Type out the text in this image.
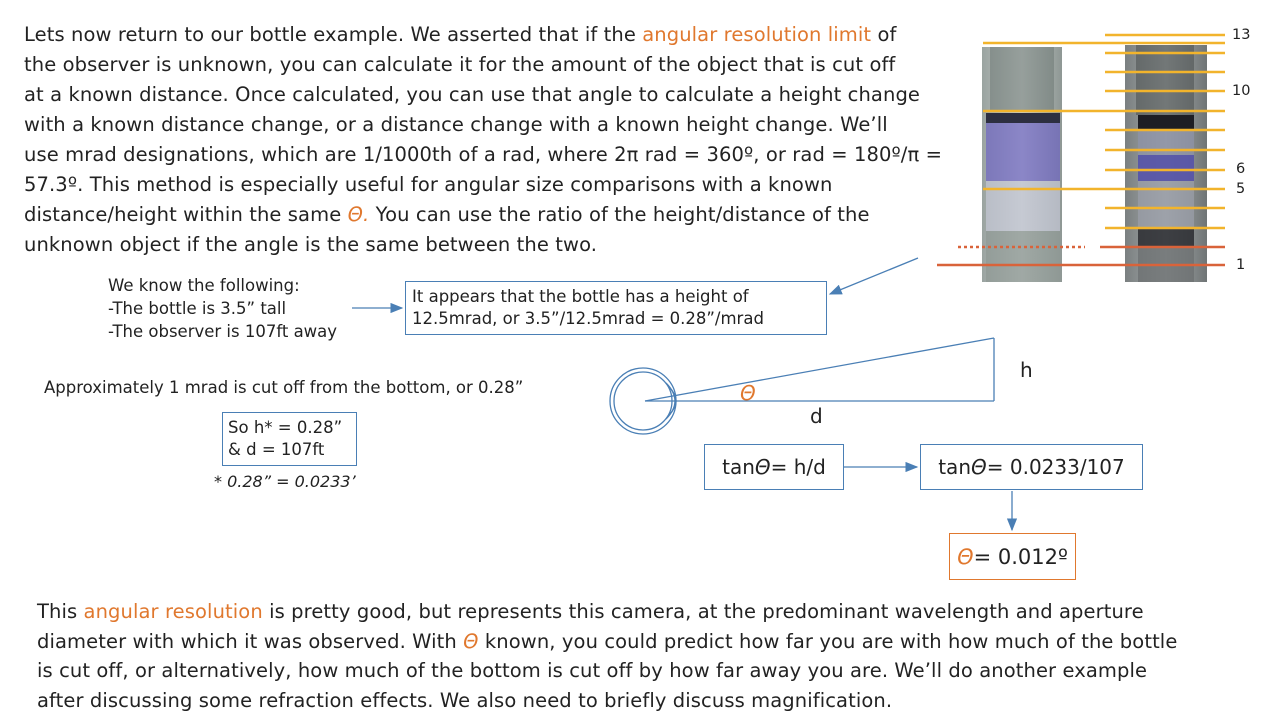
Lets now return to our bottle example. We asserted that if the angular resolution limit of
the observer is unknown, you can calculate it for the amount of the object that is cut off
at a known distance. Once calculated, you can use that angle to calculate a height change
with a known distance change, or a distance change with a known height change. We’ll
use mrad designations, which are 1/1000th of a rad, where 2π rad = 360º, or rad = 180º/π =
57.3º. This method is especially useful for angular size comparisons with a known
distance/height within the same Θ. You can use the ratio of the height/distance of the
unknown object if the angle is the same between the two.
13
10
6
5
1
We know the following:
-The bottle is 3.5” tall
-The observer is 107ft away
It appears that the bottle has a height of
12.5mrad, or 3.5”/12.5mrad = 0.28”/mrad
Approximately 1 mrad is cut off from the bottom, or 0.28”
So h* = 0.28”
& d = 107ft
* 0.28” = 0.0233’
h
d
Θ
tan Θ = h/d	tan Θ = 0.0233/107
Θ = 0.012º
This angular resolution is pretty good, but represents this camera, at the predominant wavelength and aperture
diameter with which it was observed. With Θ known, you could predict how far you are with how much of the bottle
is cut off, or alternatively, how much of the bottom is cut off by how far away you are. We’ll do another example
after discussing some refraction effects. We also need to briefly discuss magnification.
